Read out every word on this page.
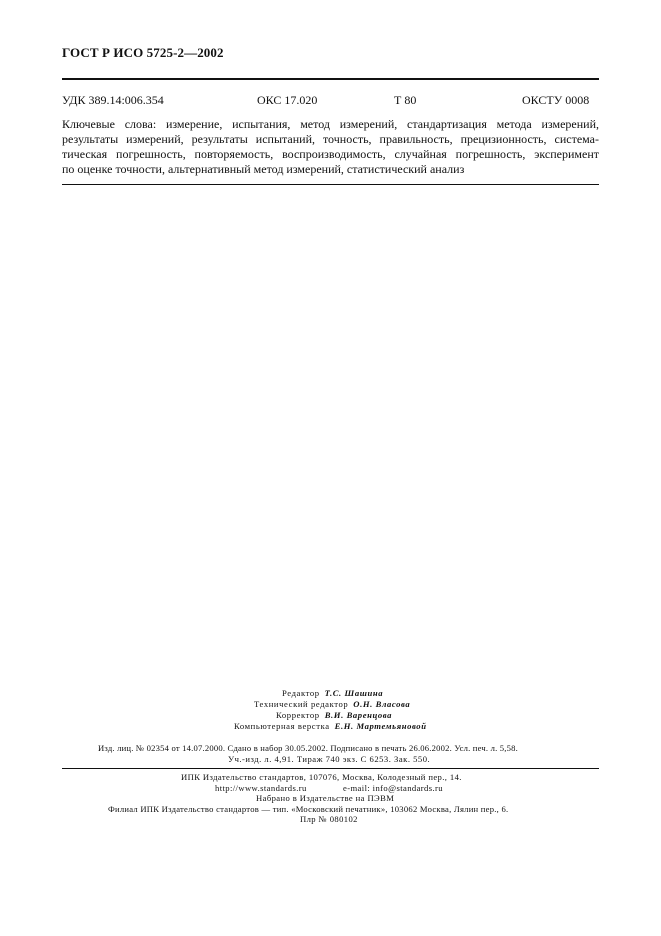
ГОСТ Р ИСО 5725-2—2002
УДК 389.14:006.354	ОКС 17.020	Т 80	ОКСТУ 0008
Ключевые слова: измерение, испытания, метод измерений, стандартизация метода измерений,
результаты измерений, результаты испытаний, точность, правильность, прецизионность, система-
тическая погрешность, повторяемость, воспроизводимость, случайная погрешность, эксперимент
по оценке точности, альтернативный метод измерений, статистический анализ
Редактор Т.С. Шашина
Технический редактор О.Н. Власова
Корректор В.И. Варенцова
Компьютерная верстка Е.Н. Мартемьяновой
Изд. лиц. № 02354 от 14.07.2000. Сдано в набор 30.05.2002. Подписано в печать 26.06.2002. Усл. печ. л. 5,58.
Уч.-изд. л. 4,91. Тираж 740 экз. С 6253. Зак. 550.
ИПК Издательство стандартов, 107076, Москва, Колодезный пер., 14.
http://www.standards.ru	e-mail: info@standards.ru
Набрано в Издательстве на ПЭВМ
Филиал ИПК Издательство стандартов — тип. «Московский печатник», 103062 Москва, Лялин пер., 6.
Плр № 080102
